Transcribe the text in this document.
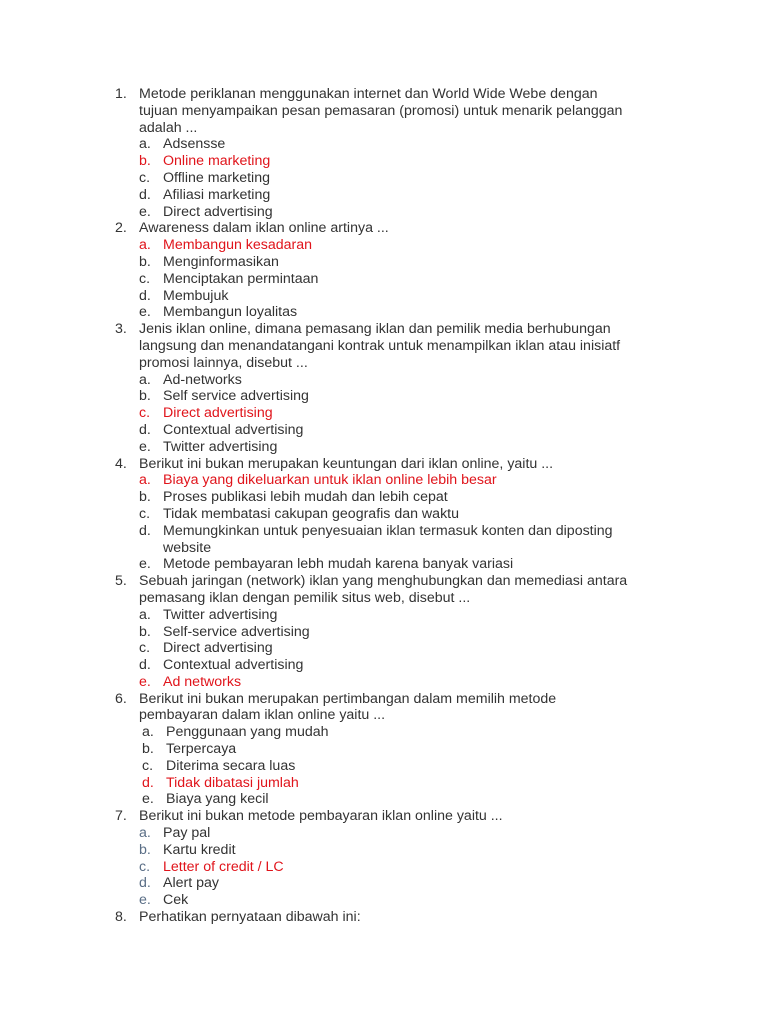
1. Metode periklanan menggunakan internet dan World Wide Webe dengan
tujuan menyampaikan pesan pemasaran (promosi) untuk menarik pelanggan
adalah ...
a. Adsensse
b. Online marketing
c. Offline marketing
d. Afiliasi marketing
e. Direct advertising
2. Awareness dalam iklan online artinya ...
a. Membangun kesadaran
b. Menginformasikan
c. Menciptakan permintaan
d. Membujuk
e. Membangun loyalitas
3. Jenis iklan online, dimana pemasang iklan dan pemilik media berhubungan
langsung dan menandatangani kontrak untuk menampilkan iklan atau inisiatf
promosi lainnya, disebut ...
a. Ad-networks
b. Self service advertising
c. Direct advertising
d. Contextual advertising
e. Twitter advertising
4. Berikut ini bukan merupakan keuntungan dari iklan online, yaitu ...
a. Biaya yang dikeluarkan untuk iklan online lebih besar
b. Proses publikasi lebih mudah dan lebih cepat
c. Tidak membatasi cakupan geografis dan waktu
d. Memungkinkan untuk penyesuaian iklan termasuk konten dan diposting
website
e. Metode pembayaran lebh mudah karena banyak variasi
5. Sebuah jaringan (network) iklan yang menghubungkan dan memediasi antara
pemasang iklan dengan pemilik situs web, disebut ...
a. Twitter advertising
b. Self-service advertising
c. Direct advertising
d. Contextual advertising
e. Ad networks
6. Berikut ini bukan merupakan pertimbangan dalam memilih metode
pembayaran dalam iklan online yaitu ...
a. Penggunaan yang mudah
b. Terpercaya
c. Diterima secara luas
d. Tidak dibatasi jumlah
e. Biaya yang kecil
7. Berikut ini bukan metode pembayaran iklan online yaitu ...
a. Pay pal
b. Kartu kredit
c. Letter of credit / LC
d. Alert pay
e. Cek
8. Perhatikan pernyataan dibawah ini:
